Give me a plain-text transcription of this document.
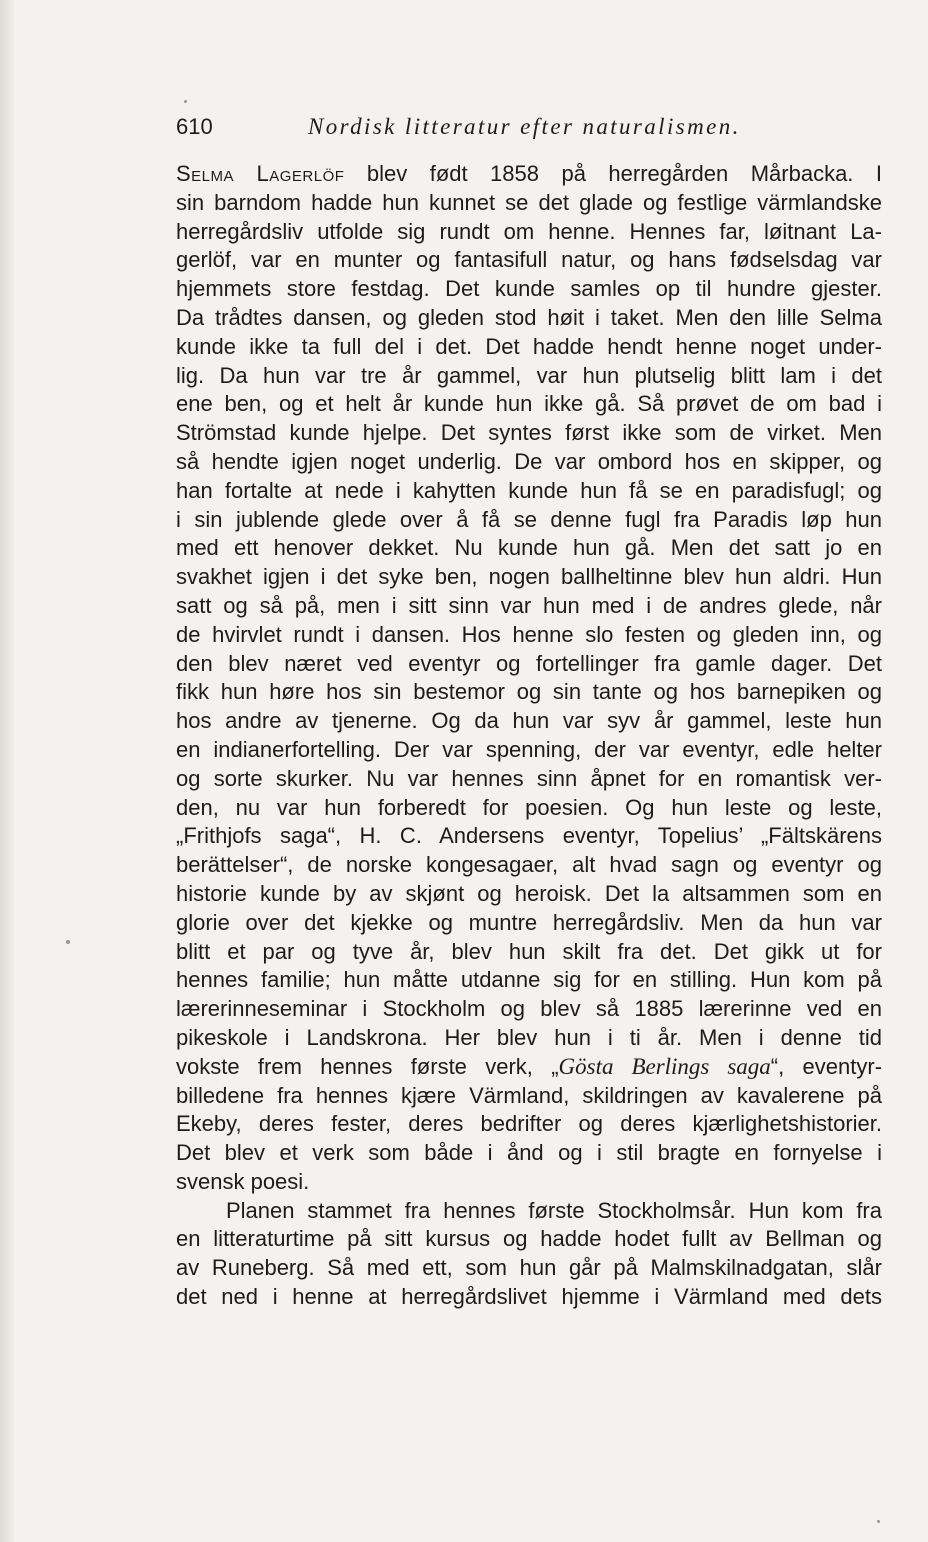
610	Nordisk litteratur efter naturalismen.
Selma Lagerlöf blev født 1858 på herregården Mårbacka. I
sin barndom hadde hun kunnet se det glade og festlige värmlandske
herregårdsliv utfolde sig rundt om henne. Hennes far, løitnant La-
gerlöf, var en munter og fantasifull natur, og hans fødselsdag var
hjemmets store festdag. Det kunde samles op til hundre gjester.
Da trådtes dansen, og gleden stod høit i taket. Men den lille Selma
kunde ikke ta full del i det. Det hadde hendt henne noget under-
lig. Da hun var tre år gammel, var hun plutselig blitt lam i det
ene ben, og et helt år kunde hun ikke gå. Så prøvet de om bad i
Strömstad kunde hjelpe. Det syntes først ikke som de virket. Men
så hendte igjen noget underlig. De var ombord hos en skipper, og
han fortalte at nede i kahytten kunde hun få se en paradisfugl; og
i sin jublende glede over å få se denne fugl fra Paradis løp hun
med ett henover dekket. Nu kunde hun gå. Men det satt jo en
svakhet igjen i det syke ben, nogen ballheltinne blev hun aldri. Hun
satt og så på, men i sitt sinn var hun med i de andres glede, når
de hvirvlet rundt i dansen. Hos henne slo festen og gleden inn, og
den blev næret ved eventyr og fortellinger fra gamle dager. Det
fikk hun høre hos sin bestemor og sin tante og hos barnepiken og
hos andre av tjenerne. Og da hun var syv år gammel, leste hun
en indianerfortelling. Der var spenning, der var eventyr, edle helter
og sorte skurker. Nu var hennes sinn åpnet for en romantisk ver-
den, nu var hun forberedt for poesien. Og hun leste og leste,
„Frithjofs saga“, H. C. Andersens eventyr, Topelius’ „Fältskärens
berättelser“, de norske kongesagaer, alt hvad sagn og eventyr og
historie kunde by av skjønt og heroisk. Det la altsammen som en
glorie over det kjekke og muntre herregårdsliv. Men da hun var
blitt et par og tyve år, blev hun skilt fra det. Det gikk ut for
hennes familie; hun måtte utdanne sig for en stilling. Hun kom på
lærerinneseminar i Stockholm og blev så 1885 lærerinne ved en
pikeskole i Landskrona. Her blev hun i ti år. Men i denne tid
vokste frem hennes første verk, „Gösta Berlings saga“, eventyr-
billedene fra hennes kjære Värmland, skildringen av kavalerene på
Ekeby, deres fester, deres bedrifter og deres kjærlighetshistorier.
Det blev et verk som både i ånd og i stil bragte en fornyelse i
svensk poesi.
Planen stammet fra hennes første Stockholmsår. Hun kom fra
en litteraturtime på sitt kursus og hadde hodet fullt av Bellman og
av Runeberg. Så med ett, som hun går på Malmskilnadgatan, slår
det ned i henne at herregårdslivet hjemme i Värmland med dets
